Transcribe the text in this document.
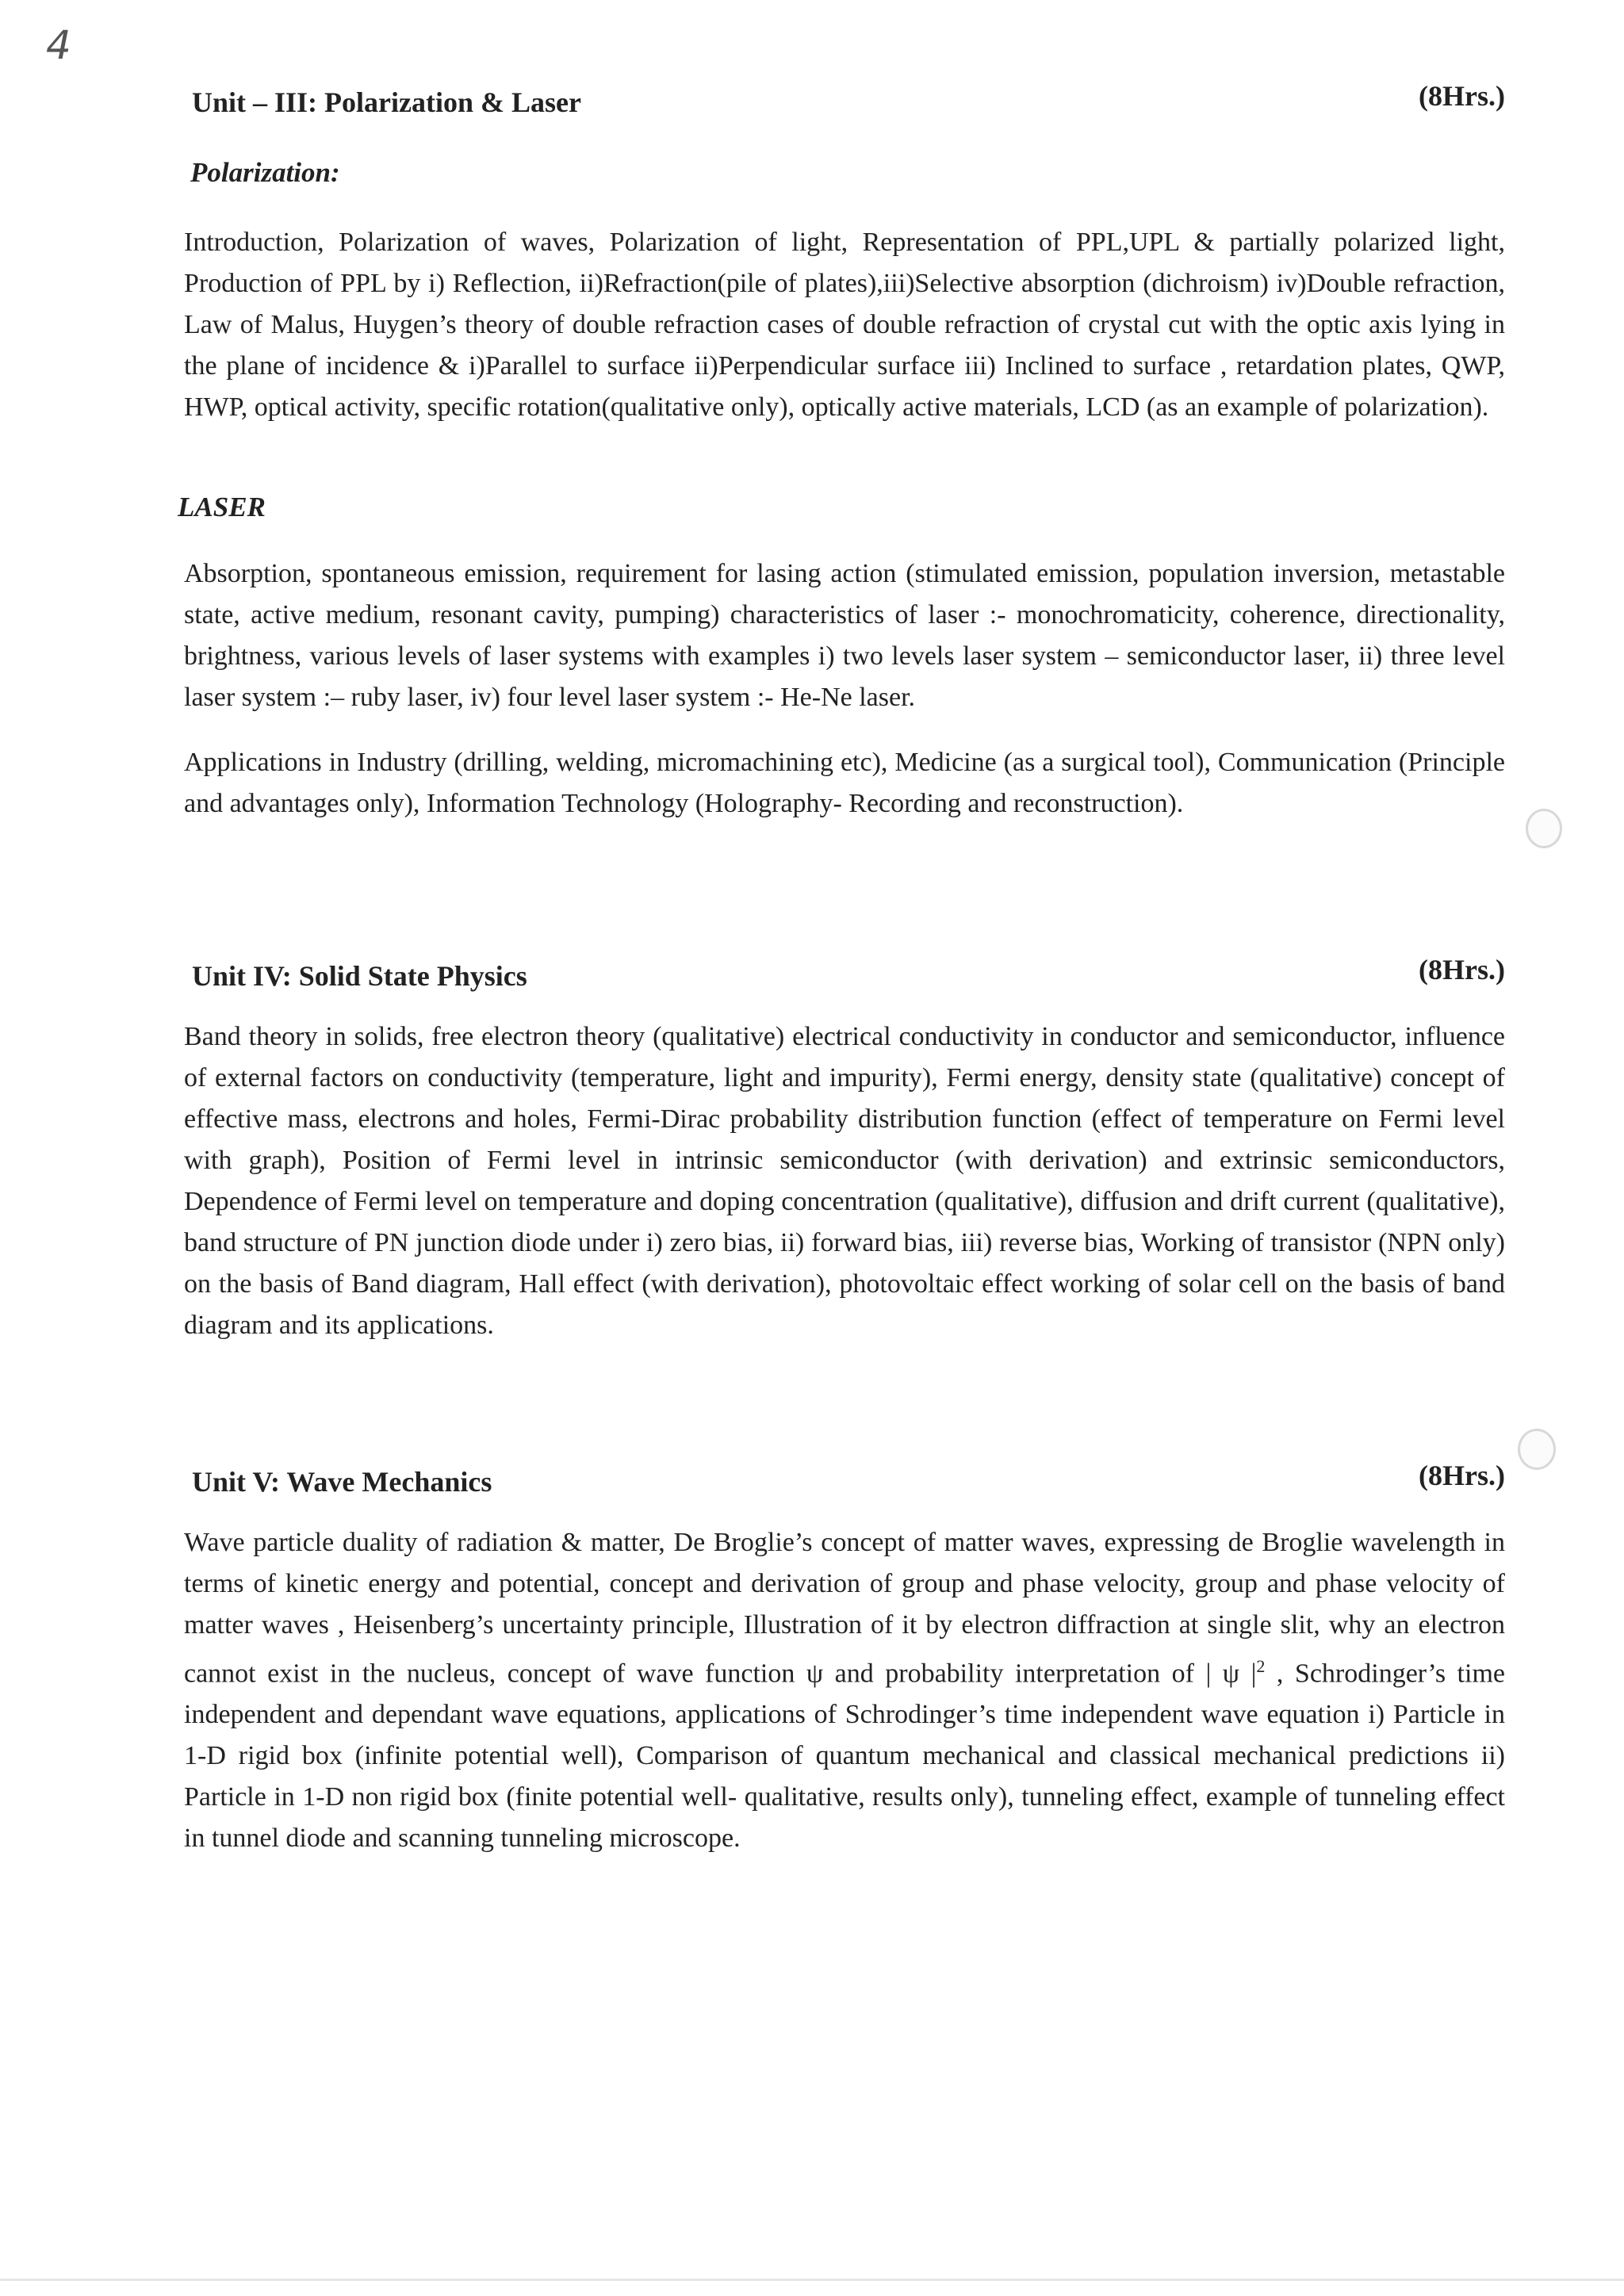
4
Unit – III: Polarization & Laser	(8Hrs.)
Polarization:

Introduction, Polarization of waves, Polarization of light, Representation of PPL,UPL & partially polarized light, Production of PPL by i) Reflection, ii)Refraction(pile of plates),iii)Selective absorption (dichroism) iv)Double refraction, Law of Malus, Huygen’s theory of double refraction cases of double refraction of crystal cut with the optic axis lying in the plane of incidence & i)Parallel to surface ii)Perpendicular surface iii) Inclined to surface , retardation plates, QWP, HWP, optical activity, specific rotation(qualitative only), optically active materials, LCD (as an example of polarization).

LASER

Absorption, spontaneous emission, requirement for lasing action (stimulated emission, population inversion, metastable state, active medium, resonant cavity, pumping) characteristics of laser :- monochromaticity, coherence, directionality, brightness, various levels of laser systems with examples i) two levels laser system – semiconductor laser, ii) three level laser system :– ruby laser, iv) four level laser system :- He-Ne laser.

Applications in Industry (drilling, welding, micromachining etc), Medicine (as a surgical tool), Communication (Principle and advantages only), Information Technology (Holography- Recording and reconstruction).

Unit IV: Solid State Physics	(8Hrs.)

Band theory in solids, free electron theory (qualitative) electrical conductivity in conductor and semiconductor, influence of external factors on conductivity (temperature, light and impurity), Fermi energy, density state (qualitative) concept of effective mass, electrons and holes, Fermi-Dirac probability distribution function (effect of temperature on Fermi level with graph), Position of Fermi level in intrinsic semiconductor (with derivation) and extrinsic semiconductors, Dependence of Fermi level on temperature and doping concentration (qualitative), diffusion and drift current (qualitative), band structure of PN junction diode under i) zero bias, ii) forward bias, iii) reverse bias, Working of transistor (NPN only) on the basis of Band diagram, Hall effect (with derivation), photovoltaic effect working of solar cell on the basis of band diagram and its applications.

Unit V: Wave Mechanics	(8Hrs.)

Wave particle duality of radiation & matter, De Broglie’s concept of matter waves, expressing de Broglie wavelength in terms of kinetic energy and potential, concept and derivation of group and phase velocity, group and phase velocity of matter waves , Heisenberg’s uncertainty principle, Illustration of it by electron diffraction at single slit, why an electron cannot exist in the nucleus, concept of wave function ψ and probability interpretation of | ψ $|^2$ , Schrodinger’s time independent and dependant wave equations, applications of Schrodinger’s time independent wave equation i) Particle in 1-D rigid box (infinite potential well), Comparison of quantum mechanical and classical mechanical predictions ii) Particle in 1-D non rigid box (finite potential well- qualitative, results only), tunneling effect, example of tunneling effect in tunnel diode and scanning tunneling microscope.
